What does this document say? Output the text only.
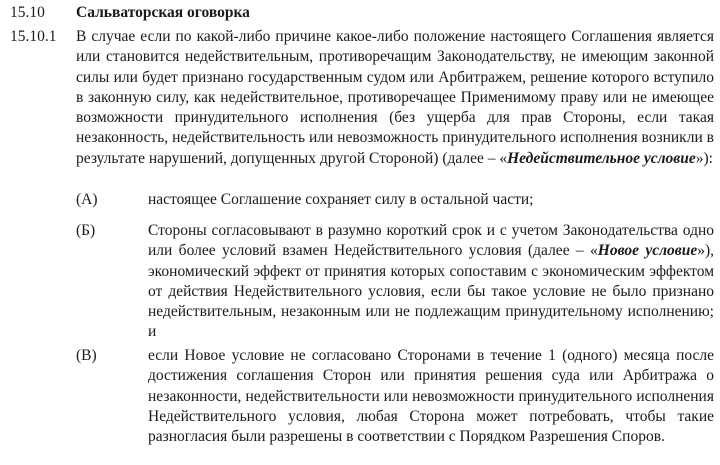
15.10 Сальваторская оговорка
15.10.1 В случае если по какой-либо причине какое-либо положение настоящего Соглашения является или становится недействительным, противоречащим Законодательству, не имеющим законной силы или будет признано государственным судом или Арбитражем, решение которого вступило в законную силу, как недействительное, противоречащее Применимому праву или не имеющее возможности принудительного исполнения (без ущерба для прав Стороны, если такая незаконность, недействительность или невозможность принудительного исполнения возникли в результате нарушений, допущенных другой Стороной) (далее – «Недействительное условие»):
(А)	настоящее Соглашение сохраняет силу в остальной части;
(Б)	Стороны согласовывают в разумно короткий срок и с учетом Законодательства одно или более условий взамен Недействительного условия (далее – «Новое условие»), экономический эффект от принятия которых сопоставим с экономическим эффектом от действия Недействительного условия, если бы такое условие не было признано недействительным, незаконным или не подлежащим принудительному исполнению; и
(В)	если Новое условие не согласовано Сторонами в течение 1 (одного) месяца после достижения соглашения Сторон или принятия решения суда или Арбитража о незаконности, недействительности или невозможности принудительного исполнения Недействительного условия, любая Сторона может потребовать, чтобы такие разногласия были разрешены в соответствии с Порядком Разрешения Споров.
